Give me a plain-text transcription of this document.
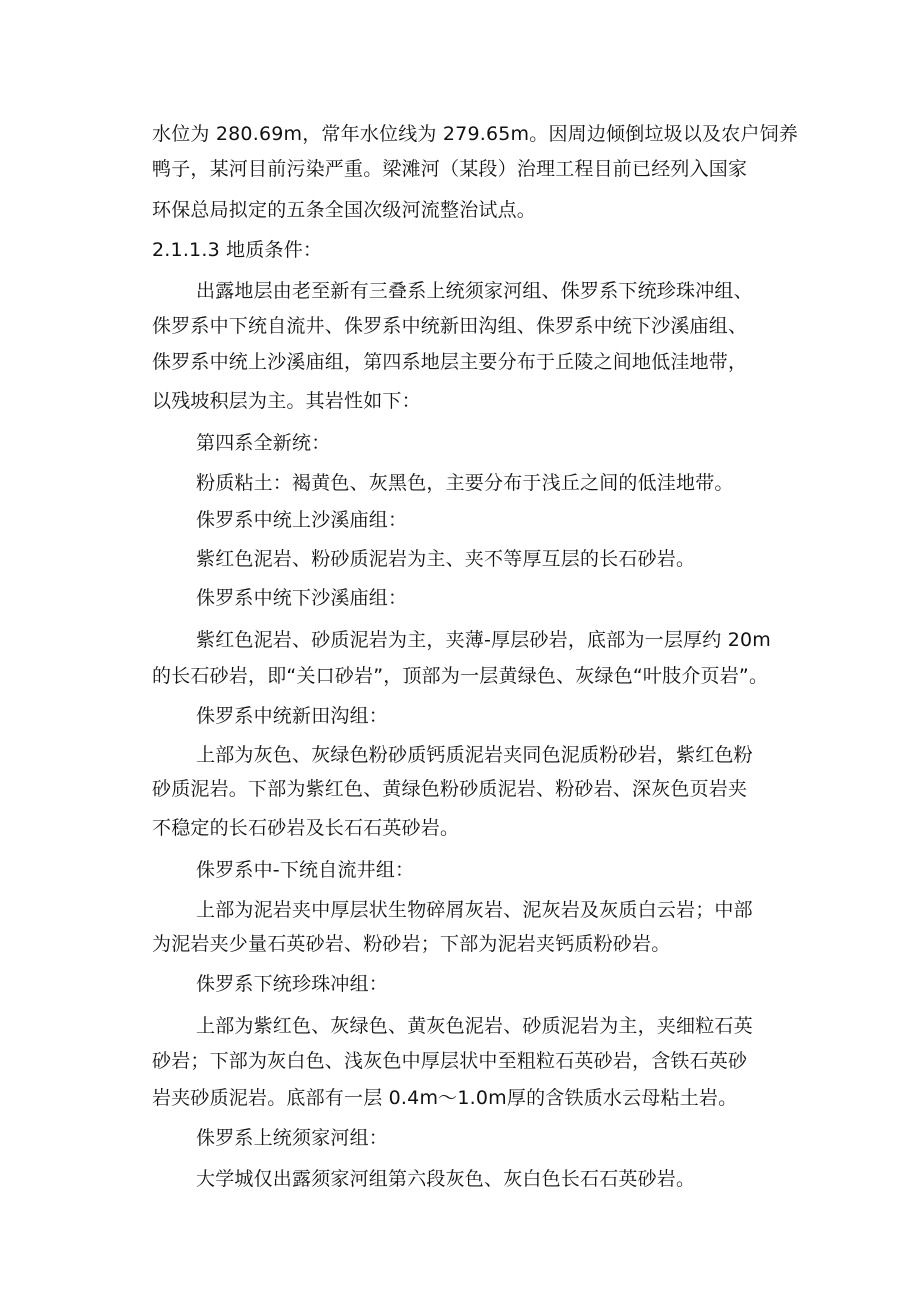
水位为 280.69m，常年水位线为 279.65m。因周边倾倒垃圾以及农户饲养
鸭子，某河目前污染严重。梁滩河（某段）治理工程目前已经列入国家
环保总局拟定的五条全国次级河流整治试点。
2.1.1.3 地质条件：
出露地层由老至新有三叠系上统须家河组、侏罗系下统珍珠冲组、
侏罗系中下统自流井、侏罗系中统新田沟组、侏罗系中统下沙溪庙组、
侏罗系中统上沙溪庙组，第四系地层主要分布于丘陵之间地低洼地带，
以残坡积层为主。其岩性如下：
第四系全新统：
粉质粘土：褐黄色、灰黑色，主要分布于浅丘之间的低洼地带。
侏罗系中统上沙溪庙组：
紫红色泥岩、粉砂质泥岩为主、夹不等厚互层的长石砂岩。
侏罗系中统下沙溪庙组：
紫红色泥岩、砂质泥岩为主，夹薄-厚层砂岩，底部为一层厚约 20m
的长石砂岩，即“关口砂岩”，顶部为一层黄绿色、灰绿色“叶肢介页岩”。
侏罗系中统新田沟组：
上部为灰色、灰绿色粉砂质钙质泥岩夹同色泥质粉砂岩，紫红色粉
砂质泥岩。下部为紫红色、黄绿色粉砂质泥岩、粉砂岩、深灰色页岩夹
不稳定的长石砂岩及长石石英砂岩。
侏罗系中-下统自流井组：
上部为泥岩夹中厚层状生物碎屑灰岩、泥灰岩及灰质白云岩；中部
为泥岩夹少量石英砂岩、粉砂岩；下部为泥岩夹钙质粉砂岩。
侏罗系下统珍珠冲组：
上部为紫红色、灰绿色、黄灰色泥岩、砂质泥岩为主，夹细粒石英
砂岩；下部为灰白色、浅灰色中厚层状中至粗粒石英砂岩，含铁石英砂
岩夹砂质泥岩。底部有一层 0.4m～1.0m厚的含铁质水云母粘土岩。
侏罗系上统须家河组：
大学城仅出露须家河组第六段灰色、灰白色长石石英砂岩。
